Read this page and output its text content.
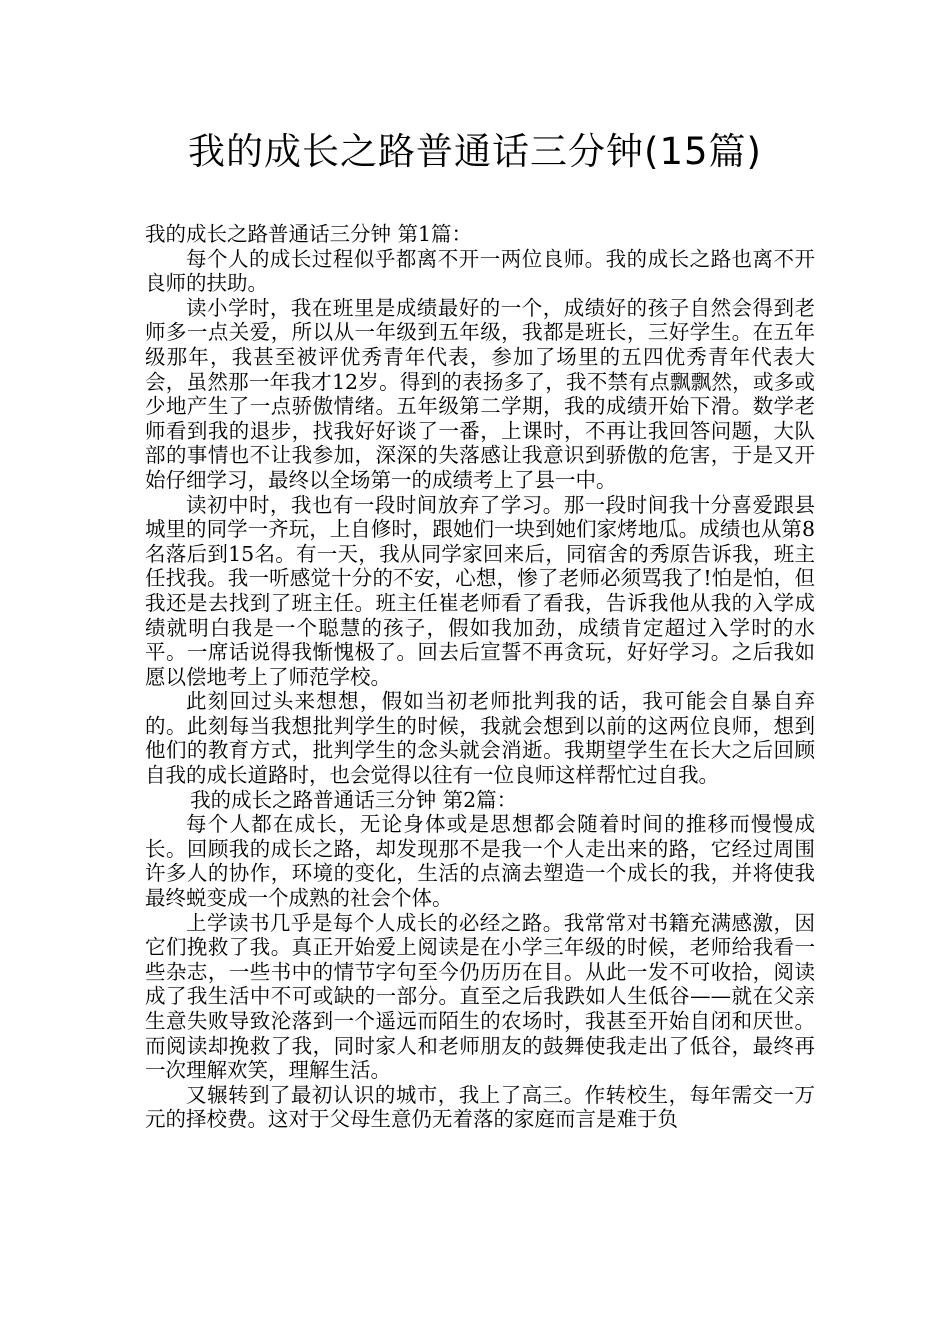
我的成长之路普通话三分钟(15篇)

我的成长之路普通话三分钟 第1篇：

每个人的成长过程似乎都离不开一两位良师。我的成长之路也离不开良师的扶助。

读小学时，我在班里是成绩最好的一个，成绩好的孩子自然会得到老师多一点关爱，所以从一年级到五年级，我都是班长，三好学生。在五年级那年，我甚至被评优秀青年代表，参加了场里的五四优秀青年代表大会，虽然那一年我才12岁。得到的表扬多了，我不禁有点飘飘然，或多或少地产生了一点骄傲情绪。五年级第二学期，我的成绩开始下滑。数学老师看到我的退步，找我好好谈了一番，上课时，不再让我回答问题，大队部的事情也不让我参加，深深的失落感让我意识到骄傲的危害，于是又开始仔细学习，最终以全场第一的成绩考上了县一中。

读初中时，我也有一段时间放弃了学习。那一段时间我十分喜爱跟县城里的同学一齐玩，上自修时，跟她们一块到她们家烤地瓜。成绩也从第8名落后到15名。有一天，我从同学家回来后，同宿舍的秀原告诉我，班主任找我。我一听感觉十分的不安，心想，惨了老师必须骂我了!怕是怕，但我还是去找到了班主任。班主任崔老师看了看我，告诉我他从我的入学成绩就明白我是一个聪慧的孩子，假如我加劲，成绩肯定超过入学时的水平。一席话说得我惭愧极了。回去后宣誓不再贪玩，好好学习。之后我如愿以偿地考上了师范学校。

此刻回过头来想想，假如当初老师批判我的话，我可能会自暴自弃的。此刻每当我想批判学生的时候，我就会想到以前的这两位良师，想到他们的教育方式，批判学生的念头就会消逝。我期望学生在长大之后回顾自我的成长道路时，也会觉得以往有一位良师这样帮忙过自我。

我的成长之路普通话三分钟 第2篇：

每个人都在成长，无论身体或是思想都会随着时间的推移而慢慢成长。回顾我的成长之路，却发现那不是我一个人走出来的路，它经过周围许多人的协作，环境的变化，生活的点滴去塑造一个成长的我，并将使我最终蜕变成一个成熟的社会个体。

上学读书几乎是每个人成长的必经之路。我常常对书籍充满感激，因它们挽救了我。真正开始爱上阅读是在小学三年级的时候，老师给我看一些杂志，一些书中的情节字句至今仍历历在目。从此一发不可收拾，阅读成了我生活中不可或缺的一部分。直至之后我跌如人生低谷——就在父亲生意失败导致沦落到一个遥远而陌生的农场时，我甚至开始自闭和厌世。而阅读却挽救了我，同时家人和老师朋友的鼓舞使我走出了低谷，最终再一次理解欢笑，理解生活。

又辗转到了最初认识的城市，我上了高三。作转校生，每年需交一万元的择校费。这对于父母生意仍无着落的家庭而言是难于负
